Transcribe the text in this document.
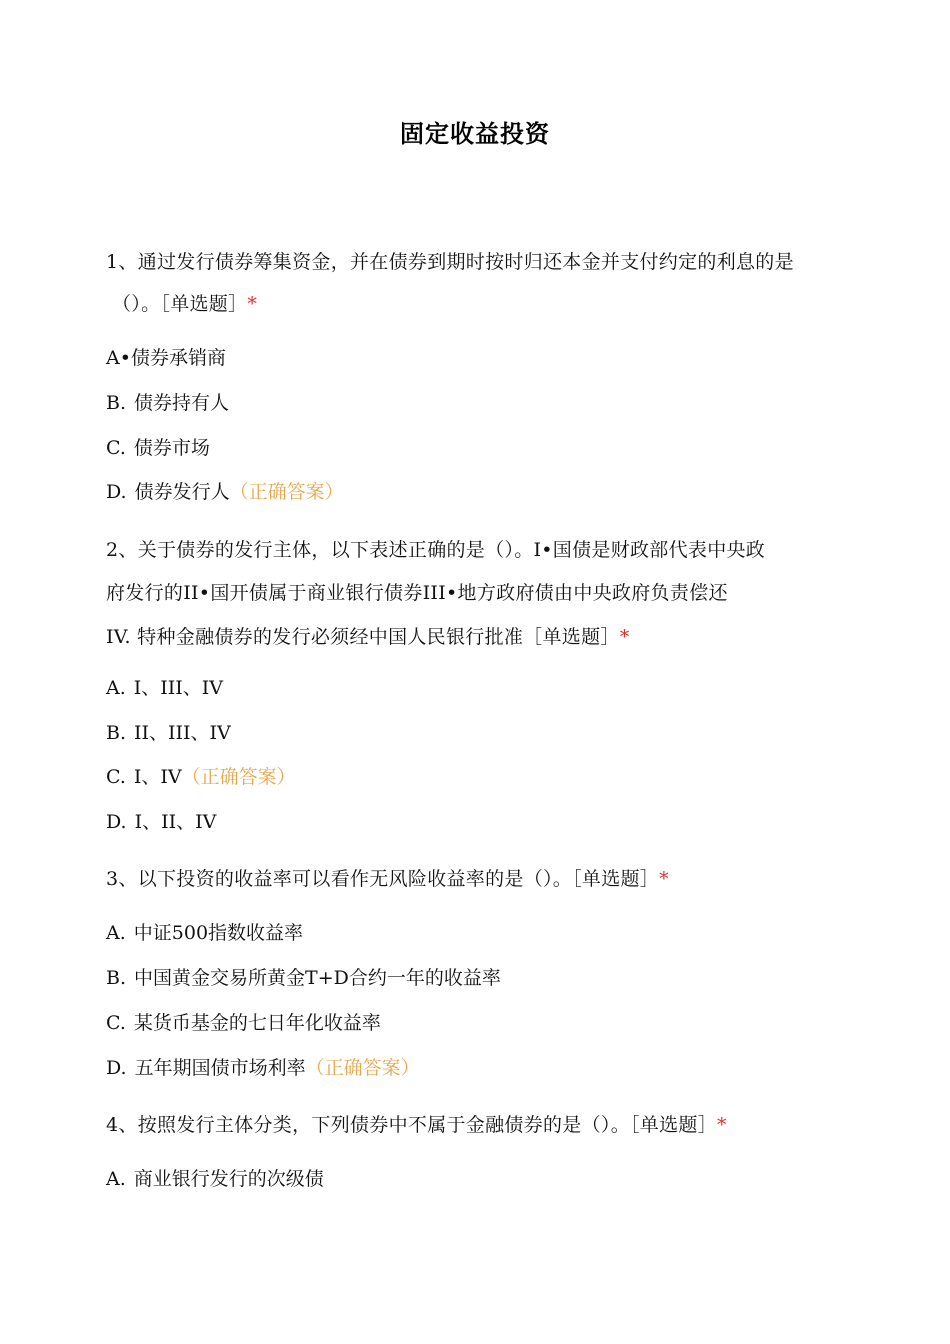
固定收益投资
1、通过发行债券筹集资金，并在债券到期时按时归还本金并支付约定的利息的是
（）。［单选题］*
A•债券承销商
B. 债券持有人
C. 债券市场
D. 债券发行人（正确答案）
2、关于债券的发行主体，以下表述正确的是（）。I•国债是财政部代表中央政
府发行的II•国开债属于商业银行债券III•地方政府债由中央政府负责偿还
IV. 特种金融债券的发行必须经中国人民银行批准［单选题］*
A. I、III、IV
B. II、III、IV
C. I、IV（正确答案）
D. I、II、IV
3、以下投资的收益率可以看作无风险收益率的是（）。［单选题］*
A. 中证500指数收益率
B. 中国黄金交易所黄金T+D合约一年的收益率
C. 某货币基金的七日年化收益率
D. 五年期国债市场利率（正确答案）
4、按照发行主体分类，下列债券中不属于金融债券的是（）。［单选题］*
A. 商业银行发行的次级债
